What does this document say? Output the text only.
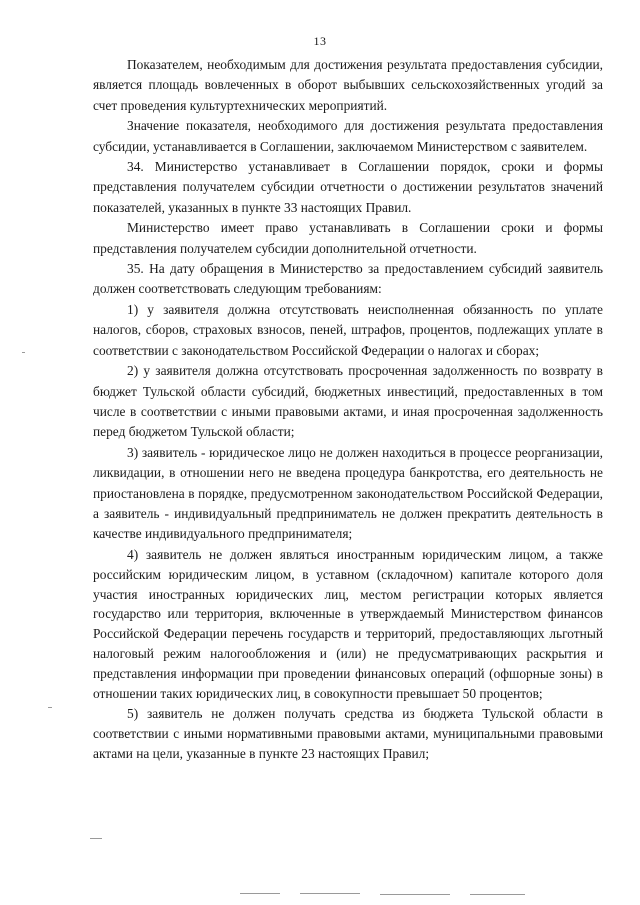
13

Показателем, необходимым для достижения результата предоставления субсидии, является площадь вовлеченных в оборот выбывших сельскохозяйственных угодий за счет проведения культуртехнических мероприятий.

Значение показателя, необходимого для достижения результата предоставления субсидии, устанавливается в Соглашении, заключаемом Министерством с заявителем.

34. Министерство устанавливает в Соглашении порядок, сроки и формы представления получателем субсидии отчетности о достижении результатов значений показателей, указанных в пункте 33 настоящих Правил.

Министерство имеет право устанавливать в Соглашении сроки и формы представления получателем субсидии дополнительной отчетности.

35. На дату обращения в Министерство за предоставлением субсидий заявитель должен соответствовать следующим требованиям:

1) у заявителя должна отсутствовать неисполненная обязанность по уплате налогов, сборов, страховых взносов, пеней, штрафов, процентов, подлежащих уплате в соответствии с законодательством Российской Федерации о налогах и сборах;

2) у заявителя должна отсутствовать просроченная задолженность по возврату в бюджет Тульской области субсидий, бюджетных инвестиций, предоставленных в том числе в соответствии с иными правовыми актами, и иная просроченная задолженность перед бюджетом Тульской области;

3) заявитель - юридическое лицо не должен находиться в процессе реорганизации, ликвидации, в отношении него не введена процедура банкротства, его деятельность не приостановлена в порядке, предусмотренном законодательством Российской Федерации, а заявитель - индивидуальный предприниматель не должен прекратить деятельность в качестве индивидуального предпринимателя;

4) заявитель не должен являться иностранным юридическим лицом, а также российским юридическим лицом, в уставном (складочном) капитале которого доля участия иностранных юридических лиц, местом регистрации которых является государство или территория, включенные в утверждаемый Министерством финансов Российской Федерации перечень государств и территорий, предоставляющих льготный налоговый режим налогообложения и (или) не предусматривающих раскрытия и представления информации при проведении финансовых операций (офшорные зоны) в отношении таких юридических лиц, в совокупности превышает 50 процентов;

5) заявитель не должен получать средства из бюджета Тульской области в соответствии с иными нормативными правовыми актами, муниципальными правовыми актами на цели, указанные в пункте 23 настоящих Правил;
